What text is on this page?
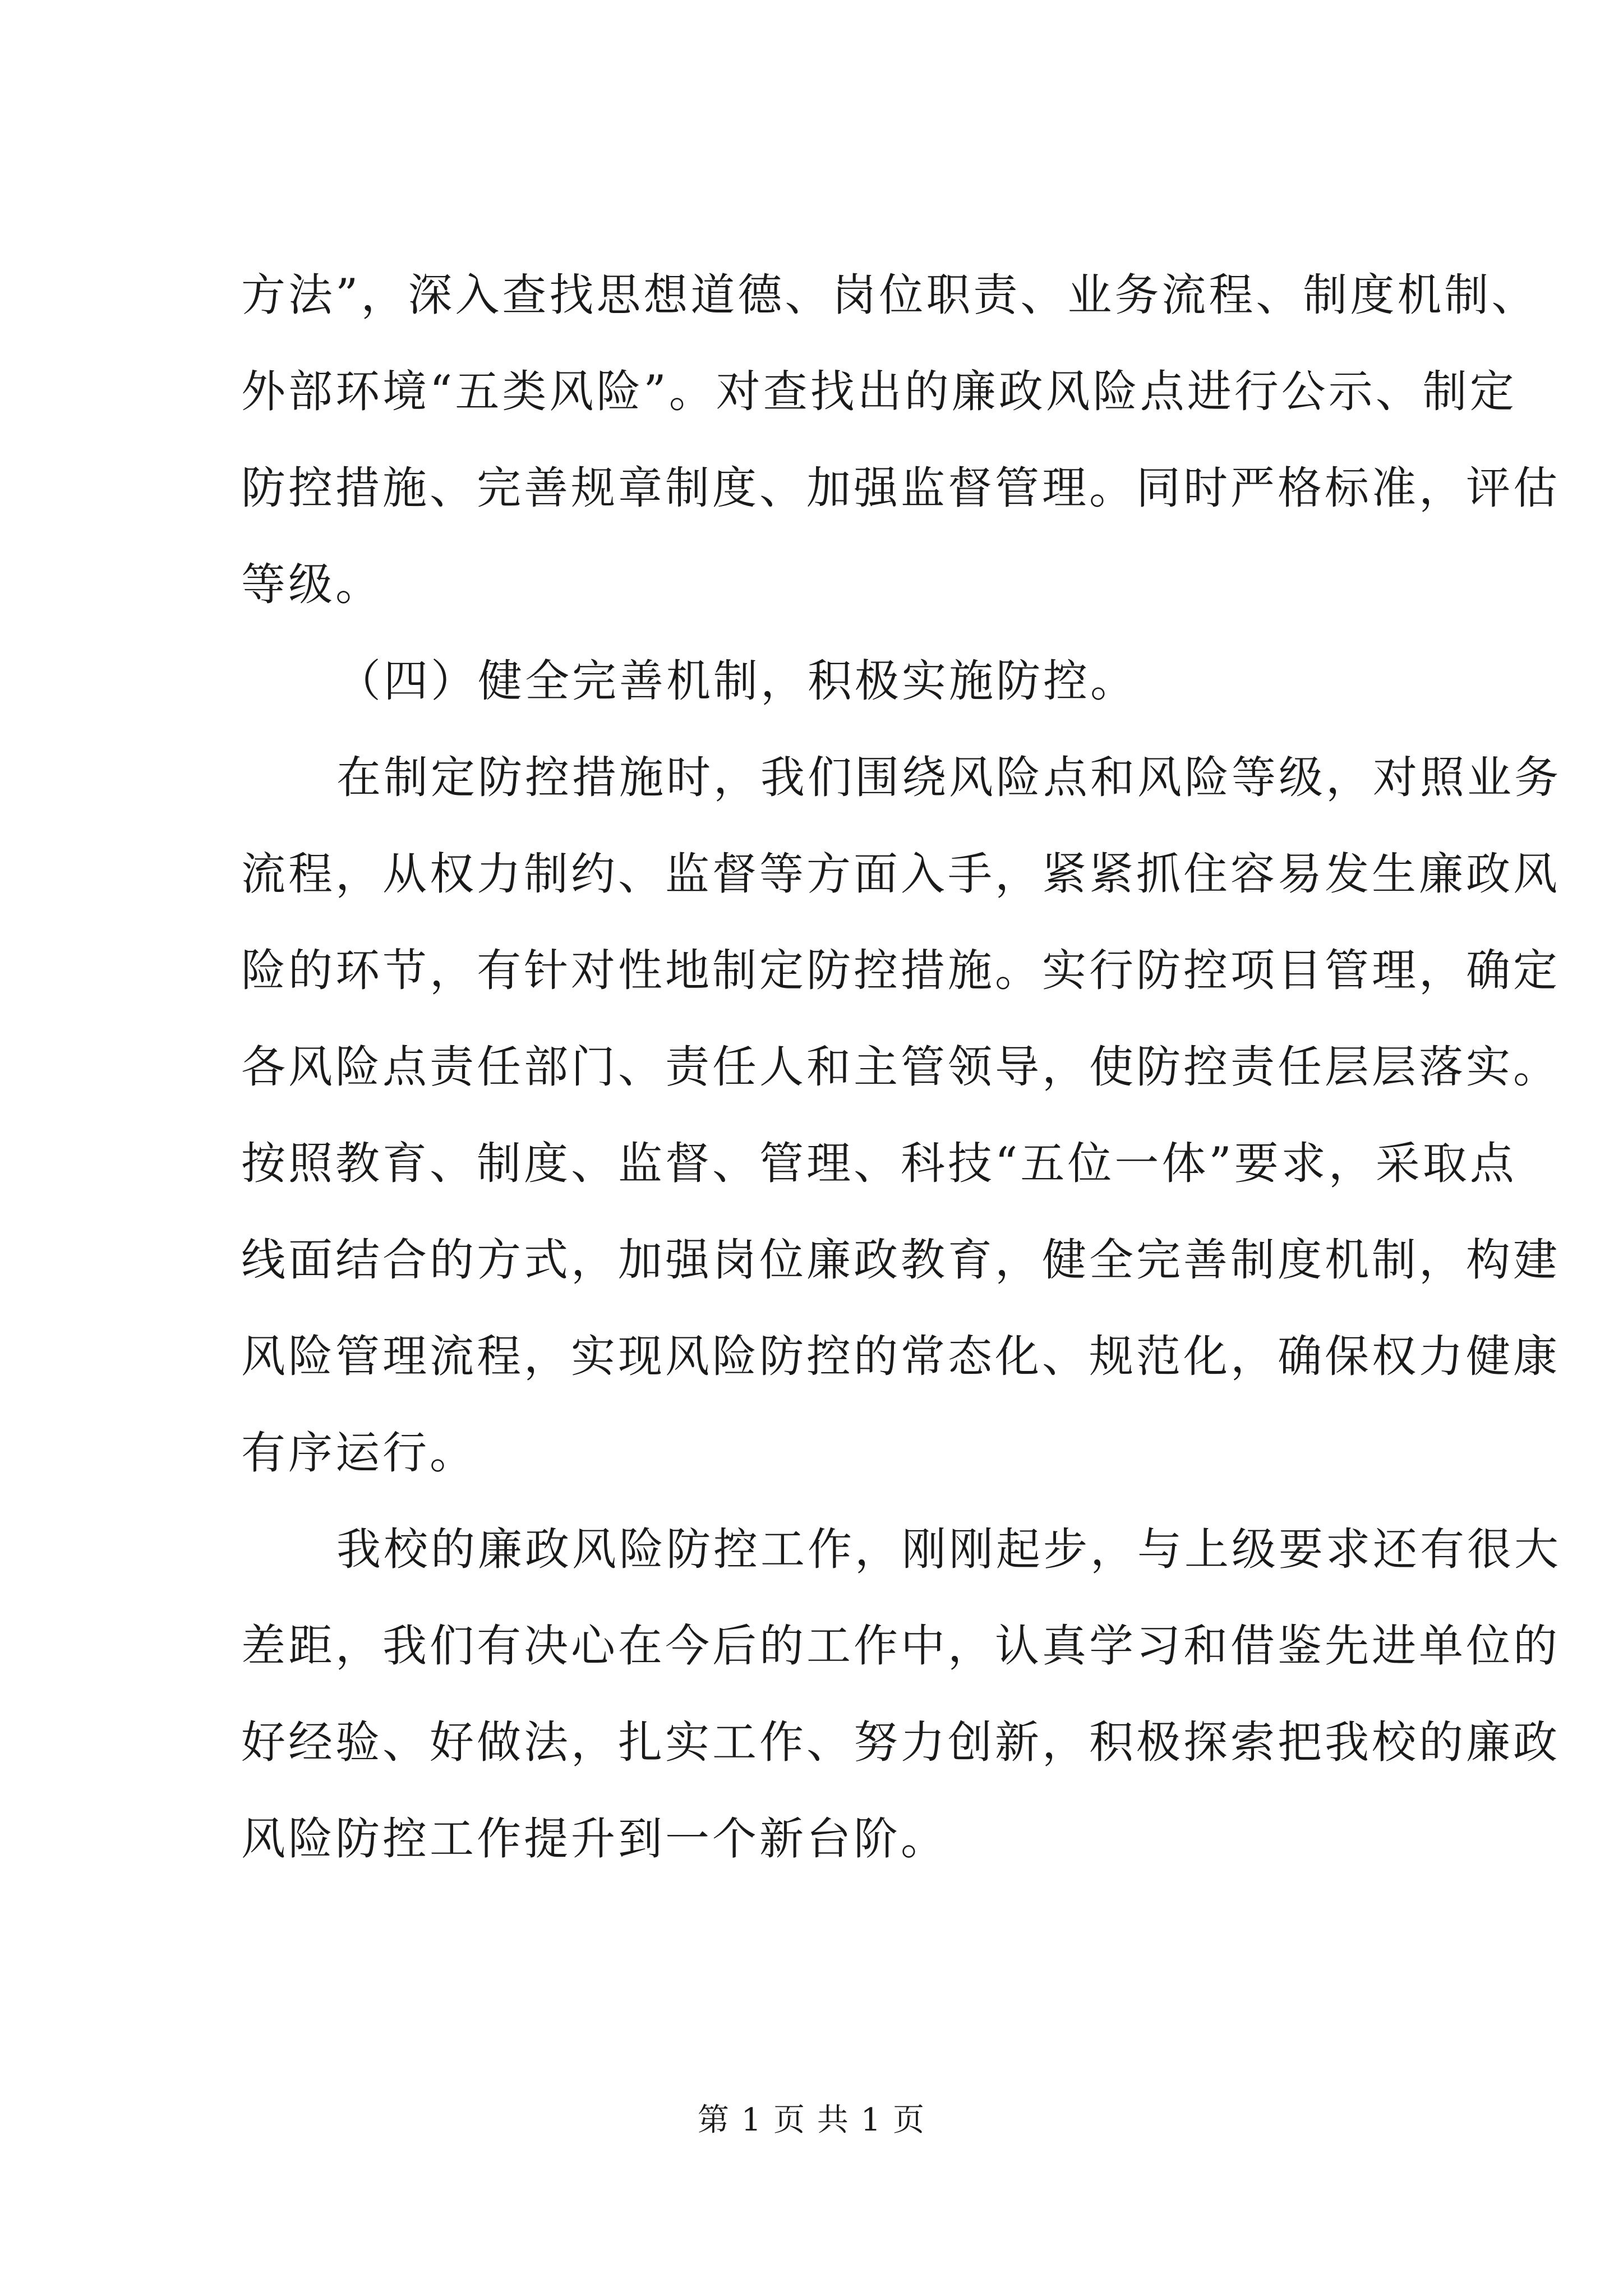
方法”，深入查找思想道德、岗位职责、业务流程、制度机制、
外部环境“五类风险”。对查找出的廉政风险点进行公示、制定
防控措施、完善规章制度、加强监督管理。同时严格标准，评估
等级。
（四）健全完善机制，积极实施防控。
在制定防控措施时，我们围绕风险点和风险等级，对照业务
流程，从权力制约、监督等方面入手，紧紧抓住容易发生廉政风
险的环节，有针对性地制定防控措施。实行防控项目管理，确定
各风险点责任部门、责任人和主管领导，使防控责任层层落实。
按照教育、制度、监督、管理、科技“五位一体”要求，采取点
线面结合的方式，加强岗位廉政教育，健全完善制度机制，构建
风险管理流程，实现风险防控的常态化、规范化，确保权力健康
有序运行。
我校的廉政风险防控工作，刚刚起步，与上级要求还有很大
差距，我们有决心在今后的工作中，认真学习和借鉴先进单位的
好经验、好做法，扎实工作、努力创新，积极探索把我校的廉政
风险防控工作提升到一个新台阶。
第 1 页 共 1 页
